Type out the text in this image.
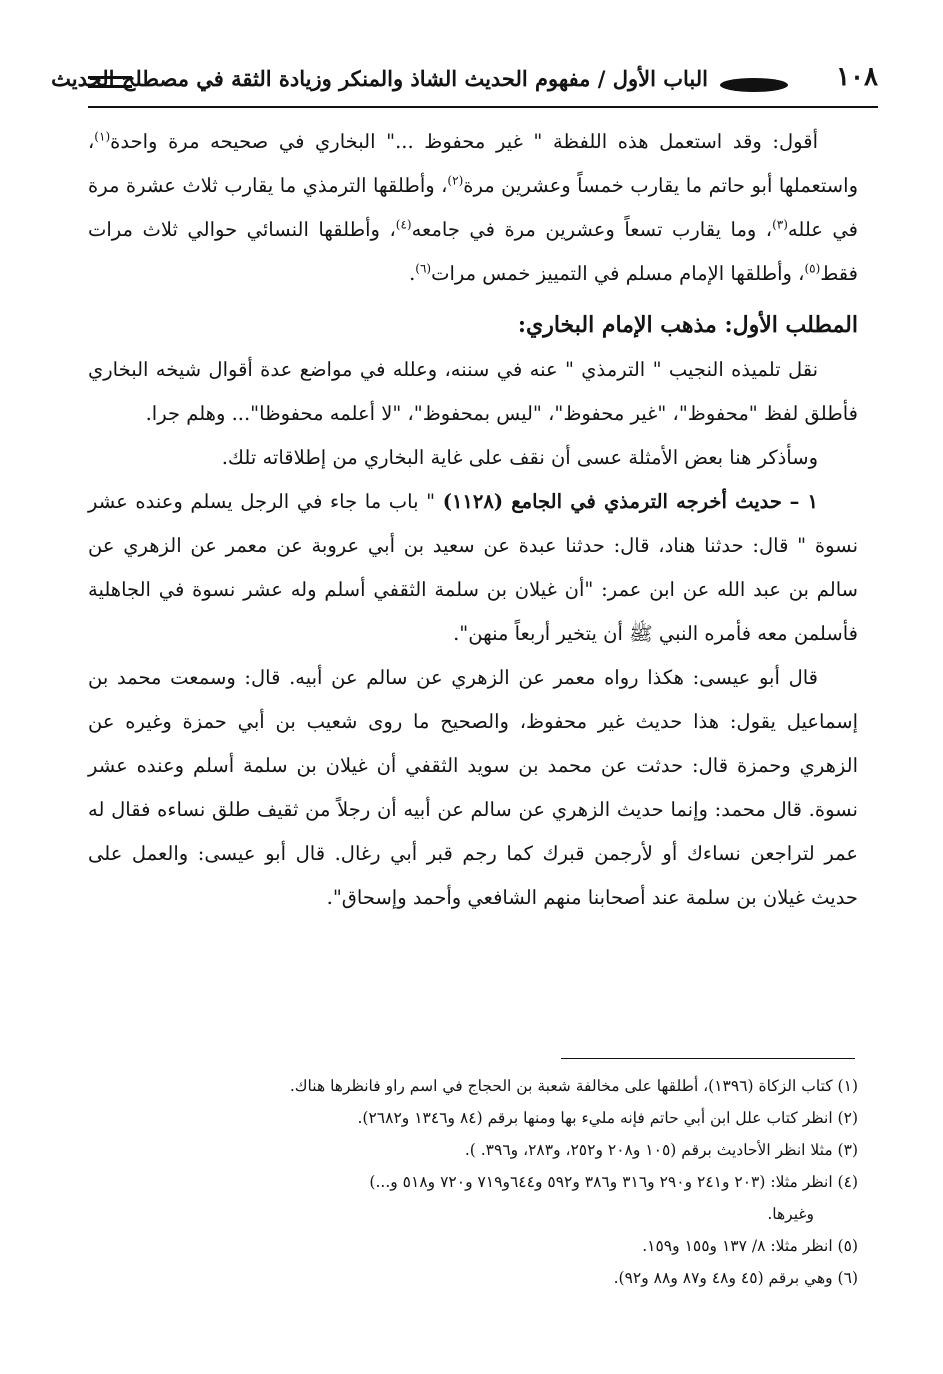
١٠٨
الباب الأول / مفهوم الحديث الشاذ والمنكر وزيادة الثقة في مصطلح الحديث

أقول: وقد استعمل هذه اللفظة " غير محفوظ ..." البخاري في صحيحه مرة واحدة$^{(١)}$، واستعملها أبو حاتم ما يقارب خمساً وعشرين مرة$^{(٢)}$، وأطلقها الترمذي ما يقارب ثلاث عشرة مرة في علله$^{(٣)}$، وما يقارب تسعاً وعشرين مرة في جامعه$^{(٤)}$، وأطلقها النسائي حوالي ثلاث مرات فقط$^{(٥)}$، وأطلقها الإمام مسلم في التمييز خمس مرات$^{(٦)}$.

المطلب الأول: مذهب الإمام البخاري:

نقل تلميذه النجيب " الترمذي " عنه في سننه، وعلله في مواضع عدة أقوال شيخه البخاري فأطلق لفظ "محفوظ"، "غير محفوظ"، "ليس بمحفوظ"، "لا أعلمه محفوظا"... وهلم جرا.

وسأذكر هنا بعض الأمثلة عسى أن نقف على غاية البخاري من إطلاقاته تلك.

١ – حديث أخرجه الترمذي في الجامع (١١٢٨) " باب ما جاء في الرجل يسلم وعنده عشر نسوة " قال: حدثنا هناد، قال: حدثنا عبدة عن سعيد بن أبي عروبة عن معمر عن الزهري عن سالم بن عبد الله عن ابن عمر: "أن غيلان بن سلمة الثقفي أسلم وله عشر نسوة في الجاهلية فأسلمن معه فأمره النبي ﷺ أن يتخير أربعاً منهن".

قال أبو عيسى: هكذا رواه معمر عن الزهري عن سالم عن أبيه. قال: وسمعت محمد بن إسماعيل يقول: هذا حديث غير محفوظ، والصحيح ما روى شعيب بن أبي حمزة وغيره عن الزهري وحمزة قال: حدثت عن محمد بن سويد الثقفي أن غيلان بن سلمة أسلم وعنده عشر نسوة. قال محمد: وإنما حديث الزهري عن سالم عن أبيه أن رجلاً من ثقيف طلق نساءه فقال له عمر لتراجعن نساءك أو لأرجمن قبرك كما رجم قبر أبي رغال. قال أبو عيسى: والعمل على حديث غيلان بن سلمة عند أصحابنا منهم الشافعي وأحمد وإسحاق".

(١) كتاب الزكاة (١٣٩٦)، أطلقها على مخالفة شعبة بن الحجاج في اسم راو فانظرها هناك.

(٢) انظر كتاب علل ابن أبي حاتم فإنه مليء بها ومنها برقم (٨٤ و١٣٤٦ و٢٦٨٢).

(٣) مثلا انظر الأحاديث برقم (١٠٥ و٢٠٨ و٢٥٢، و٢٨٣، و٣٩٦. ).

(٤) انظر مثلا: (٢٠٣ و٢٤١ و٢٩٠ و٣١٦ و٣٨٦ و٥٩٢ و٦٤٤و٧١٩ و٧٢٠ و٥١٨ و...)

وغيرها.

(٥) انظر مثلا: ٨/ ١٣٧ و١٥٥ و١٥٩.

(٦) وهي برقم (٤٥ و٤٨ و٨٧ و٨٨ و٩٢).
